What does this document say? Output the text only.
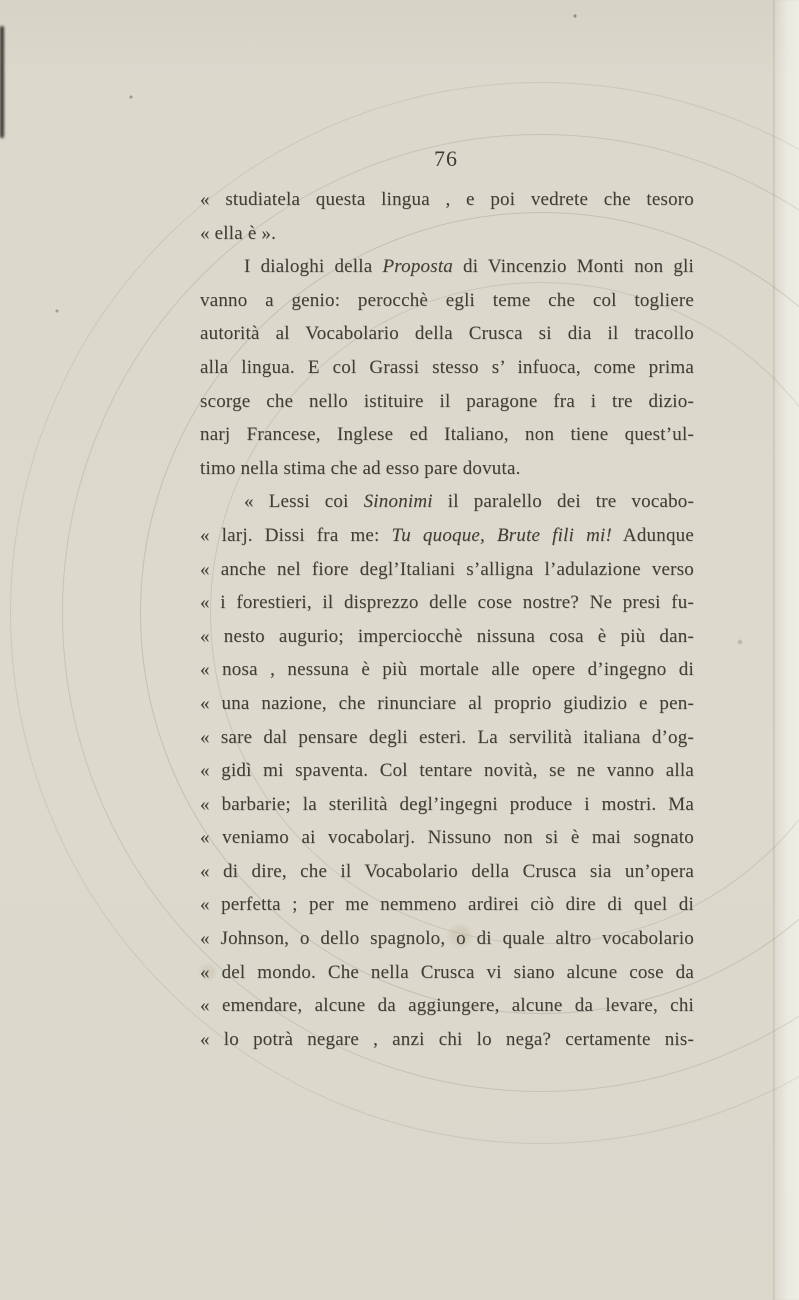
76
« studiatela questa lingua , e poi vedrete che tesoro
« ella è ».
I dialoghi della Proposta di Vincenzio Monti non gli
vanno a genio: perocchè egli teme che col togliere
autorità al Vocabolario della Crusca si dia il tracollo
alla lingua. E col Grassi stesso s’ infuoca, come prima
scorge che nello istituire il paragone fra i tre dizio-
narj Francese, Inglese ed Italiano, non tiene quest’ul-
timo nella stima che ad esso pare dovuta.
« Lessi coi Sinonimi il paralello dei tre vocabo-
« larj. Dissi fra me: Tu quoque, Brute fili mi! Adunque
« anche nel fiore degl’Italiani s’alligna l’adulazione verso
« i forestieri, il disprezzo delle cose nostre? Ne presi fu-
« nesto augurio; imperciocchè nissuna cosa è più dan-
« nosa , nessuna è più mortale alle opere d’ingegno di
« una nazione, che rinunciare al proprio giudizio e pen-
« sare dal pensare degli esteri. La servilità italiana d’og-
« gidì mi spaventa. Col tentare novità, se ne vanno alla
« barbarie; la sterilità degl’ingegni produce i mostri. Ma
« veniamo ai vocabolarj. Nissuno non si è mai sognato
« di dire, che il Vocabolario della Crusca sia un’opera
« perfetta ; per me nemmeno ardirei ciò dire di quel di
« Johnson, o dello spagnolo, o di quale altro vocabolario
« del mondo. Che nella Crusca vi siano alcune cose da
« emendare, alcune da aggiungere, alcune da levare, chi
« lo potrà negare , anzi chi lo nega? certamente nis-
